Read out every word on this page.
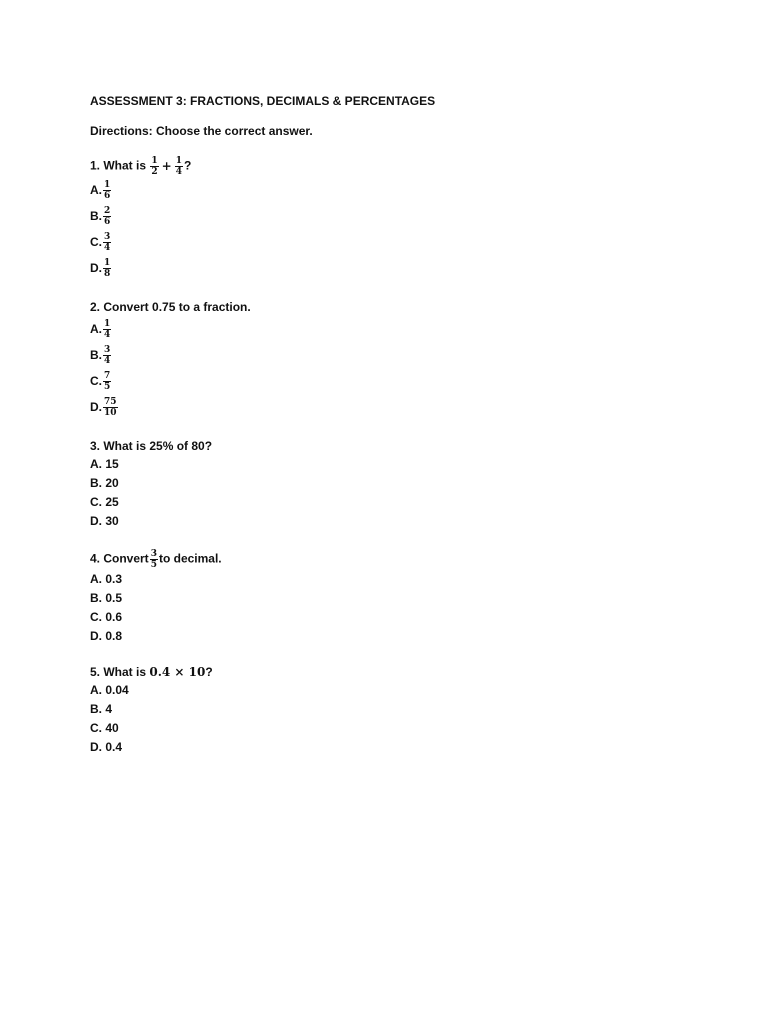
ASSESSMENT 3: FRACTIONS, DECIMALS & PERCENTAGES
Directions: Choose the correct answer.
1. What is $\frac{1}{2} + \frac{1}{4}$ ?
A. $\frac{1}{6}$
B. $\frac{2}{6}$
C. $\frac{3}{4}$
D. $\frac{1}{8}$
2. Convert 0.75 to a fraction.
A. $\frac{1}{4}$
B. $\frac{3}{4}$
C. $\frac{7}{5}$
D. $\frac{75}{10}$
3. What is 25% of 80?
A. 15
B. 20
C. 25
D. 30
4. Convert $\frac{3}{5}$ to decimal.
A. 0.3
B. 0.5
C. 0.6
D. 0.8
5. What is 0.4 × 10?
A. 0.04
B. 4
C. 40
D. 0.4
